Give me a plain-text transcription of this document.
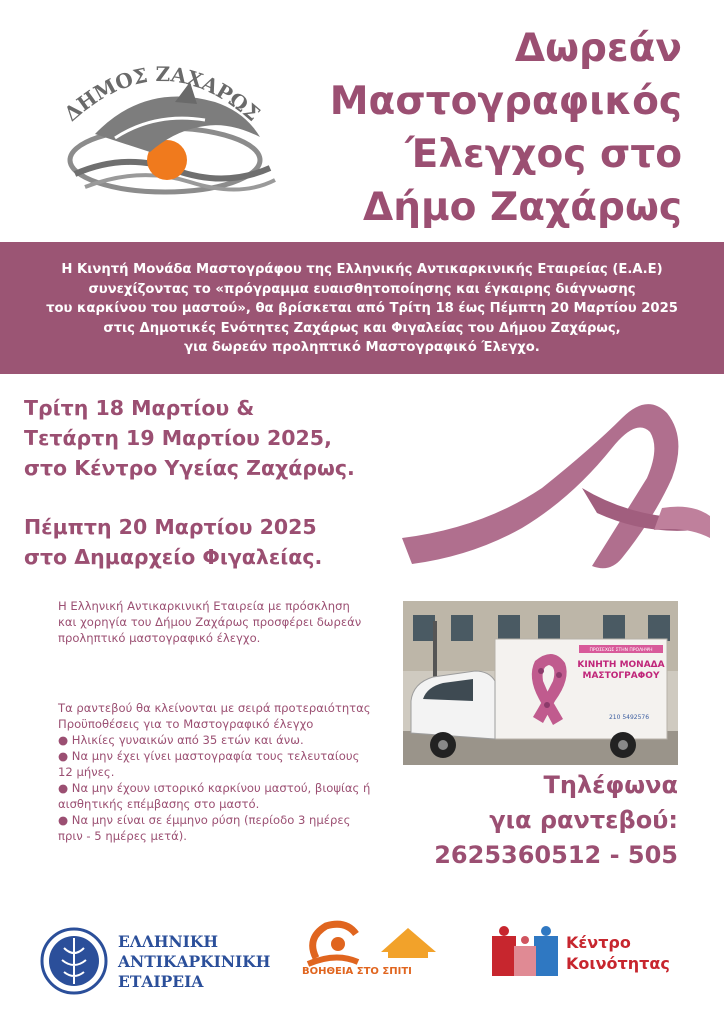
ΔΗΜΟΣ ΖΑΧΑΡΩ
Δωρεάν
Μαστογραφικός
Έλεγχος στο
Δήμο Ζαχάρως
Η Κινητή Μονάδα Μαστογράφου της Ελληνικής Αντικαρκινικής Εταιρείας (Ε.Α.Ε)
συνεχίζοντας το «πρόγραμμα ευαισθητοποίησης και έγκαιρης διάγνωσης
του καρκίνου του μαστού», θα βρίσκεται από Τρίτη 18 έως Πέμπτη 20 Μαρτίου 2025
στις Δημοτικές Ενότητες Ζαχάρως και Φιγαλείας του Δήμου Ζαχάρως,
για δωρεάν προληπτικό Μαστογραφικό Έλεγχο.
Τρίτη 18 Μαρτίου &
Τετάρτη 19 Μαρτίου 2025,
στο Κέντρο Υγείας Ζαχάρως.
Πέμπτη 20 Μαρτίου 2025
στο Δημαρχείο Φιγαλείας.
Η Ελληνική Αντικαρκινική Εταιρεία με πρόσκληση
και χορηγία του Δήμου Ζαχάρως προσφέρει δωρεάν
προληπτικό μαστογραφικό έλεγχο.
Τα ραντεβού θα κλείνονται με σειρά προτεραιότητας
Προϋποθέσεις για το Μαστογραφικό έλεγχο
● Ηλικίες γυναικών από 35 ετών και άνω.
● Να μην έχει γίνει μαστογραφία τους τελευταίους
12 μήνες.
● Να μην έχουν ιστορικό καρκίνου μαστού, βιοψίας ή
αισθητικής επέμβασης στο μαστό.
● Να μην είναι σε έμμηνο ρύση (περίοδο 3 ημέρες
πριν - 5 ημέρες μετά).
ΠΡΟΣΕΧΩΣ ΣΤΗΝ ΠΡΟΛΗΨΗ
ΚΙΝΗΤΗ ΜΟΝΑΔΑ
ΜΑΣΤΟΓΡΑΦΟΥ
210 5492576
Τηλέφωνα
για ραντεβού:
2625360512 - 505
ΕΛΛΗΝΙΚΗ
ΑΝΤΙΚΑΡΚΙΝΙΚΗ
ΕΤΑΙΡΕΙΑ
ΒΟΗΘΕΙΑ ΣΤΟ ΣΠΙΤΙ
Κέντρο
Κοινότητας
